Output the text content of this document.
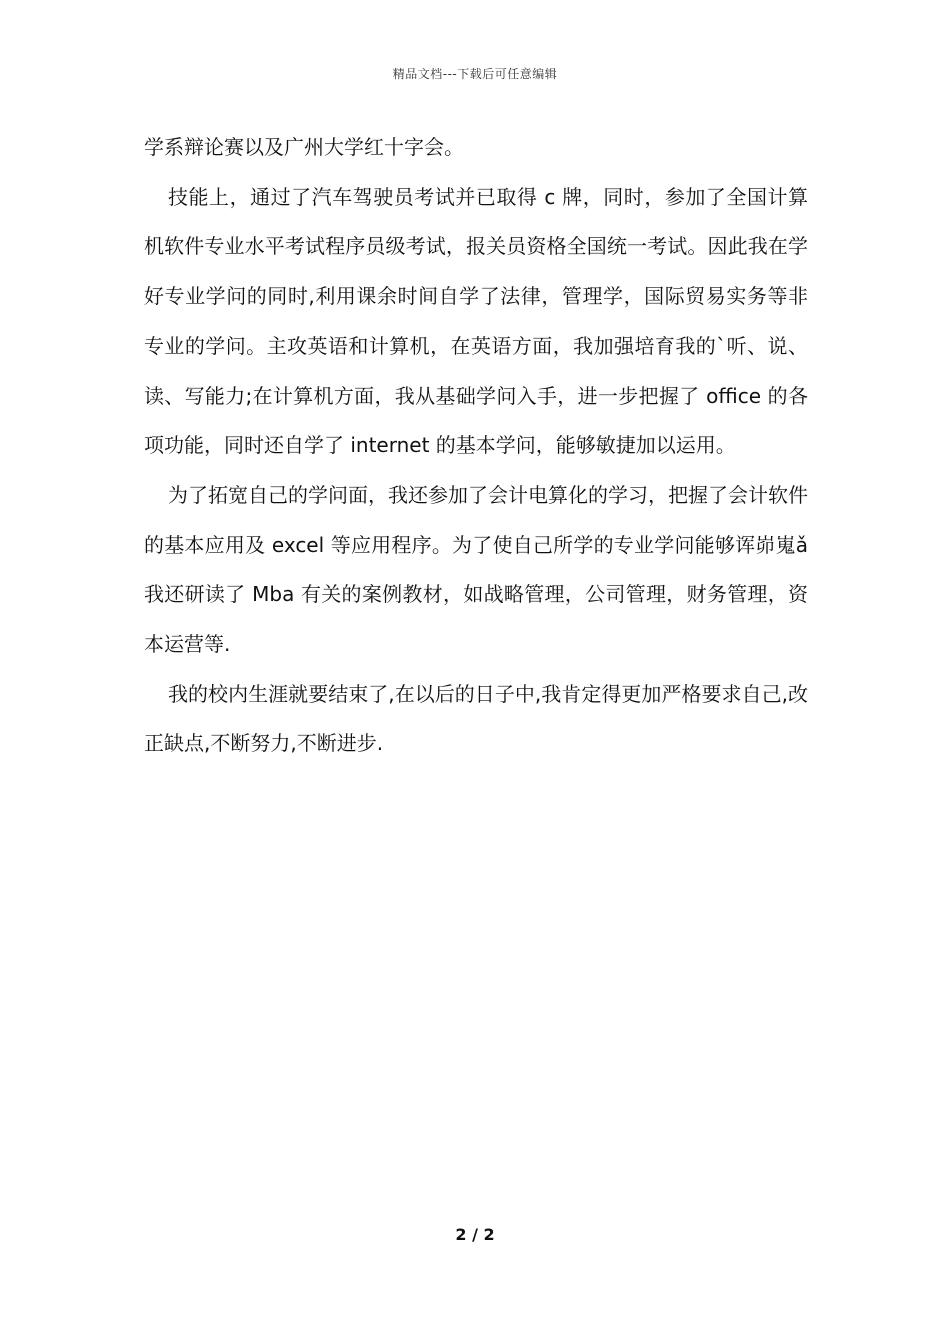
精品文档---下载后可任意编辑

学系辩论赛以及广州大学红十字会。

技能上，通过了汽车驾驶员考试并已取得 c 牌，同时，参加了全国计算机软件专业水平考试程序员级考试，报关员资格全国统一考试。因此我在学好专业学问的同时,利用课余时间自学了法律，管理学，国际贸易实务等非专业的学问。主攻英语和计算机，在英语方面，我加强培育我的`听、说、读、写能力;在计算机方面，我从基础学问入手，进一步把握了 office 的各项功能，同时还自学了 internet 的基本学问，能够敏捷加以运用。

为了拓宽自己的学问面，我还参加了会计电算化的学习，把握了会计软件的基本应用及 excel 等应用程序。为了使自己所学的专业学问能够诨峁嵬ǎ我还研读了 Mba 有关的案例教材，如战略管理，公司管理，财务管理，资本运营等.

我的校内生涯就要结束了,在以后的日子中,我肯定得更加严格要求自己,改正缺点,不断努力,不断进步.

2 / 2
